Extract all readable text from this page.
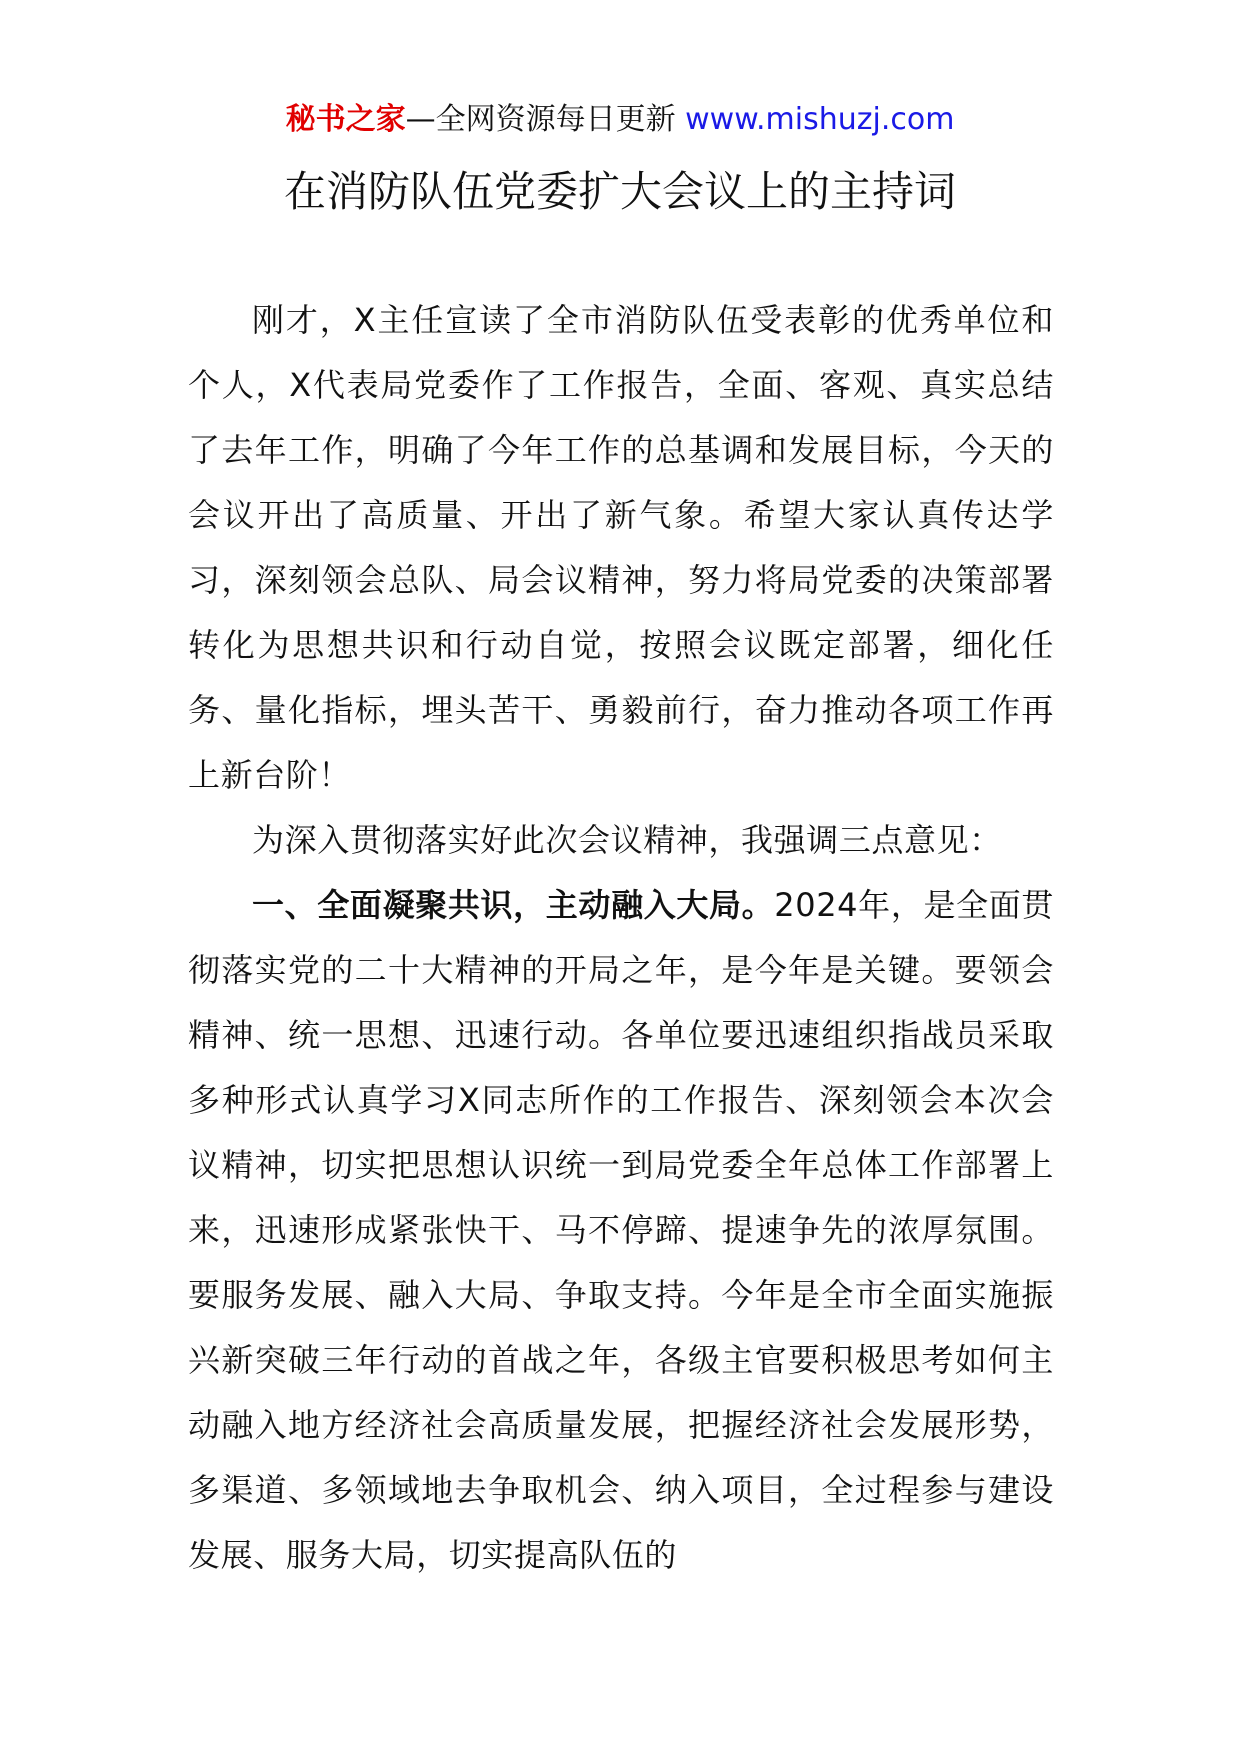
秘书之家—全网资源每日更新 www.mishuzj.com
在消防队伍党委扩大会议上的主持词

刚才，X主任宣读了全市消防队伍受表彰的优秀单位和个人，X代表局党委作了工作报告，全面、客观、真实总结了去年工作，明确了今年工作的总基调和发展目标，今天的会议开出了高质量、开出了新气象。希望大家认真传达学习，深刻领会总队、局会议精神，努力将局党委的决策部署转化为思想共识和行动自觉，按照会议既定部署，细化任务、量化指标，埋头苦干、勇毅前行，奋力推动各项工作再上新台阶！

为深入贯彻落实好此次会议精神，我强调三点意见：

一、全面凝聚共识，主动融入大局。2024年，是全面贯彻落实党的二十大精神的开局之年，是今年是关键。要领会精神、统一思想、迅速行动。各单位要迅速组织指战员采取多种形式认真学习X同志所作的工作报告、深刻领会本次会议精神，切实把思想认识统一到局党委全年总体工作部署上来，迅速形成紧张快干、马不停蹄、提速争先的浓厚氛围。要服务发展、融入大局、争取支持。今年是全市全面实施振兴新突破三年行动的首战之年，各级主官要积极思考如何主动融入地方经济社会高质量发展，把握经济社会发展形势，多渠道、多领域地去争取机会、纳入项目，全过程参与建设发展、服务大局，切实提高队伍的
